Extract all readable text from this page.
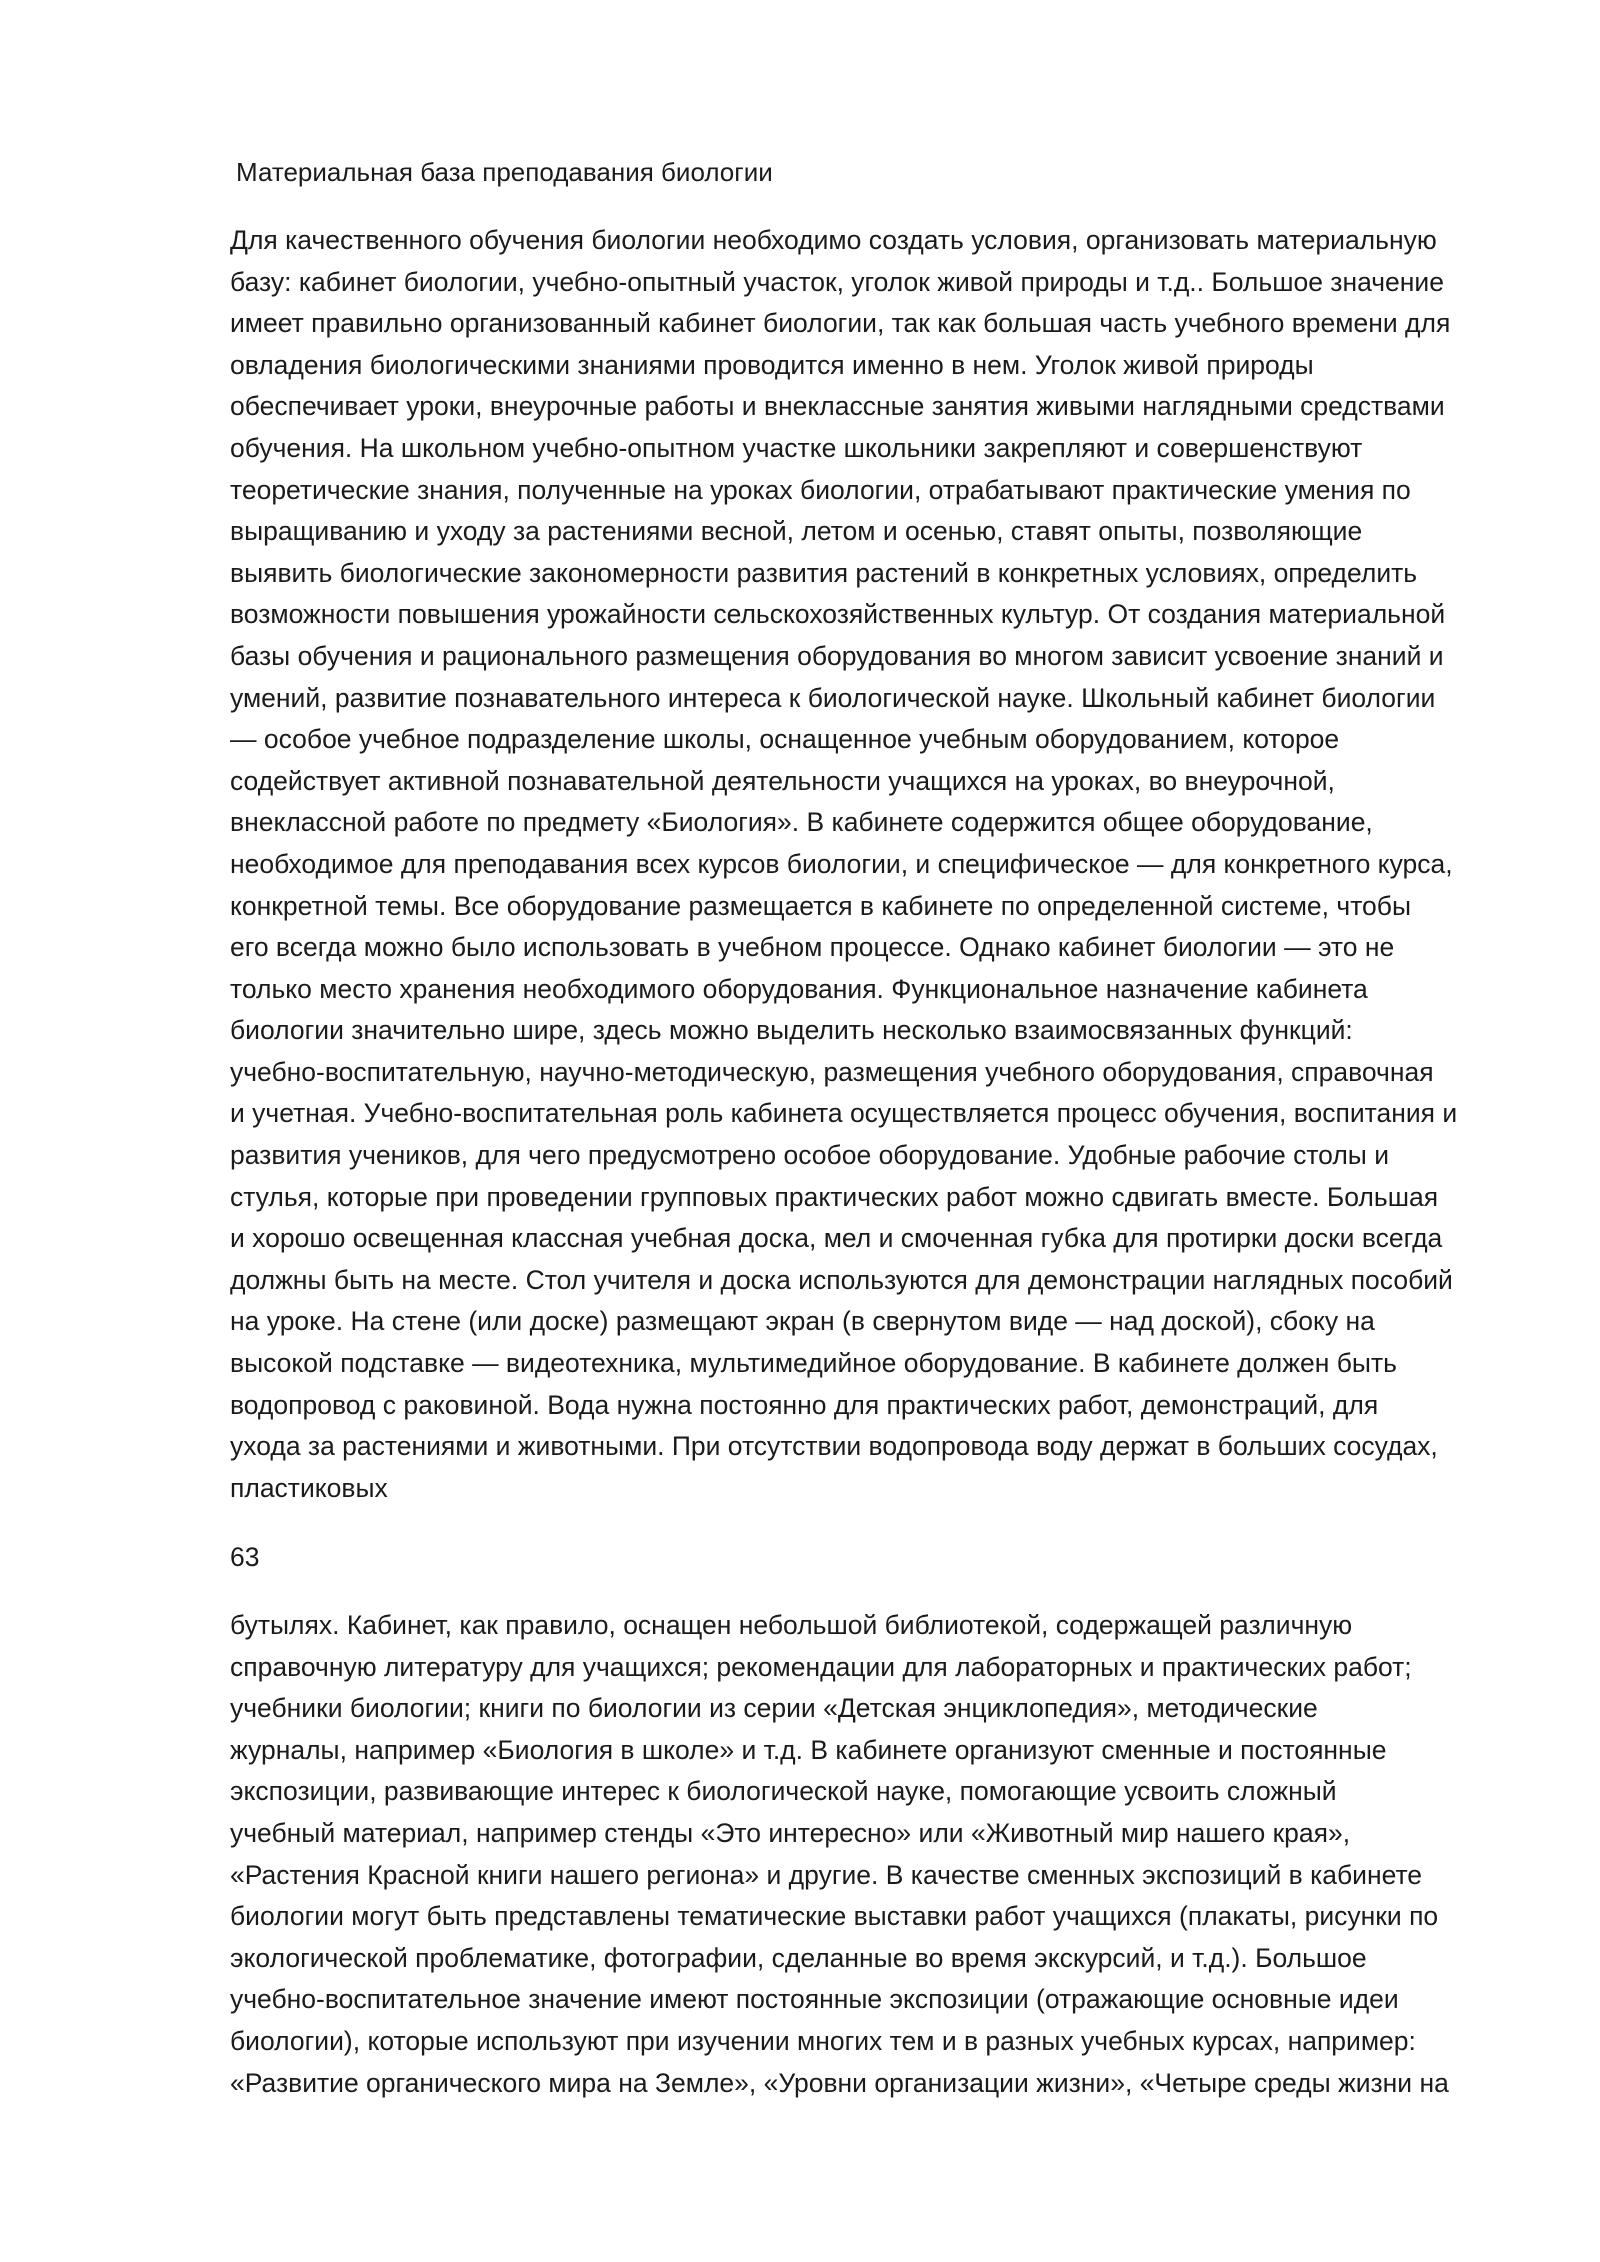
Материальная база преподавания биологии

Для качественного обучения биологии необходимо создать условия, организовать материальную
базу: кабинет биологии, учебно-опытный участок, уголок живой природы и т.д.. Большое значение
имеет правильно организованный кабинет биологии, так как большая часть учебного времени для
овладения биологическими знаниями проводится именно в нем. Уголок живой природы
обеспечивает уроки, внеурочные работы и внеклассные занятия живыми наглядными средствами
обучения. На школьном учебно-опытном участке школьники закрепляют и совершенствуют
теоретические знания, полученные на уроках биологии, отрабатывают практические умения по
выращиванию и уходу за растениями весной, летом и осенью, ставят опыты, позволяющие
выявить биологические закономерности развития растений в конкретных условиях, определить
возможности повышения урожайности сельскохозяйственных культур. От создания материальной
базы обучения и рационального размещения оборудования во многом зависит усвоение знаний и
умений, развитие познавательного интереса к биологической науке. Школьный кабинет биологии
— особое учебное подразделение школы, оснащенное учебным оборудованием, которое
содействует активной познавательной деятельности учащихся на уроках, во внеурочной,
внеклассной работе по предмету «Биология». В кабинете содержится общее оборудование,
необходимое для преподавания всех курсов биологии, и специфическое — для конкретного курса,
конкретной темы. Все оборудование размещается в кабинете по определенной системе, чтобы
его всегда можно было использовать в учебном процессе. Однако кабинет биологии — это не
только место хранения необходимого оборудования. Функциональное назначение кабинета
биологии значительно шире, здесь можно выделить несколько взаимосвязанных функций:
учебно-воспитательную, научно-методическую, размещения учебного оборудования, справочная
и учетная. Учебно-воспитательная роль кабинета осуществляется процесс обучения, воспитания и
развития учеников, для чего предусмотрено особое оборудование. Удобные рабочие столы и
стулья, которые при проведении групповых практических работ можно сдвигать вместе. Большая
и хорошо освещенная классная учебная доска, мел и смоченная губка для протирки доски всегда
должны быть на месте. Стол учителя и доска используются для демонстрации наглядных пособий
на уроке. На стене (или доске) размещают экран (в свернутом виде — над доской), сбоку на
высокой подставке — видеотехника, мультимедийное оборудование. В кабинете должен быть
водопровод с раковиной. Вода нужна постоянно для практических работ, демонстраций, для
ухода за растениями и животными. При отсутствии водопровода воду держат в больших сосудах,
пластиковых

63

бутылях. Кабинет, как правило, оснащен небольшой библиотекой, содержащей различную
справочную литературу для учащихся; рекомендации для лабораторных и практических работ;
учебники биологии; книги по биологии из серии «Детская энциклопедия», методические
журналы, например «Биология в школе» и т.д. В кабинете организуют сменные и постоянные
экспозиции, развивающие интерес к биологической науке, помогающие усвоить сложный
учебный материал, например стенды «Это интересно» или «Животный мир нашего края»,
«Растения Красной книги нашего региона» и другие. В качестве сменных экспозиций в кабинете
биологии могут быть представлены тематические выставки работ учащихся (плакаты, рисунки по
экологической проблематике, фотографии, сделанные во время экскурсий, и т.д.). Большое
учебно-воспитательное значение имеют постоянные экспозиции (отражающие основные идеи
биологии), которые используют при изучении многих тем и в разных учебных курсах, например:
«Развитие органического мира на Земле», «Уровни организации жизни», «Четыре среды жизни на
